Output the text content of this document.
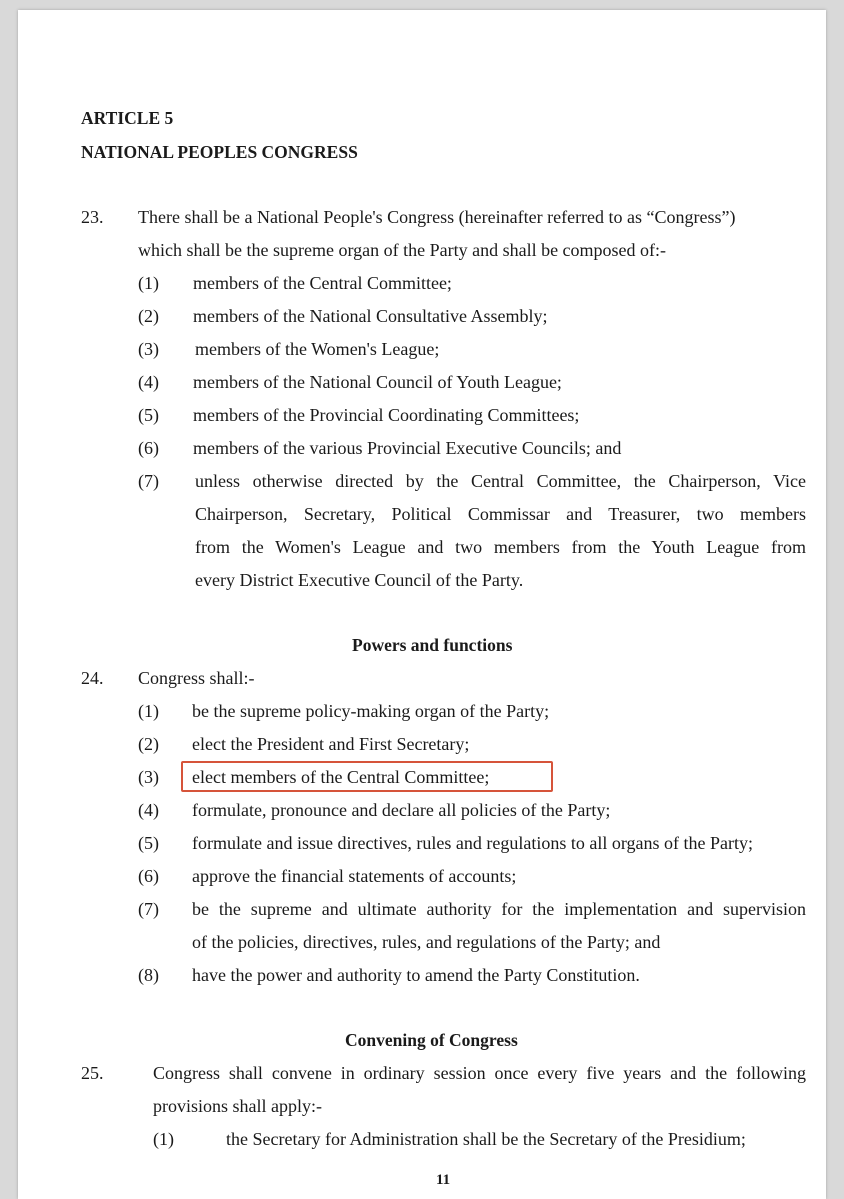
ARTICLE 5
NATIONAL PEOPLES CONGRESS
23. There shall be a National People's Congress (hereinafter referred to as “Congress”)
which shall be the supreme organ of the Party and shall be composed of:-
(1) members of the Central Committee;
(2) members of the National Consultative Assembly;
(3) members of the Women's League;
(4) members of the National Council of Youth League;
(5) members of the Provincial Coordinating Committees;
(6) members of the various Provincial Executive Councils; and
(7) unless otherwise directed by the Central Committee, the Chairperson, Vice
Chairperson, Secretary, Political Commissar and Treasurer, two members
from the Women's League and two members from the Youth League from
every District Executive Council of the Party.
Powers and functions
24. Congress shall:-
(1) be the supreme policy-making organ of the Party;
(2) elect the President and First Secretary;
(3) elect members of the Central Committee;
(4) formulate, pronounce and declare all policies of the Party;
(5) formulate and issue directives, rules and regulations to all organs of the Party;
(6) approve the financial statements of accounts;
(7) be the supreme and ultimate authority for the implementation and supervision
of the policies, directives, rules, and regulations of the Party; and
(8) have the power and authority to amend the Party Constitution.
Convening of Congress
25.	Congress shall convene in ordinary session once every five years and the following
provisions shall apply:-
(1)	the Secretary for Administration shall be the Secretary of the Presidium;
11
